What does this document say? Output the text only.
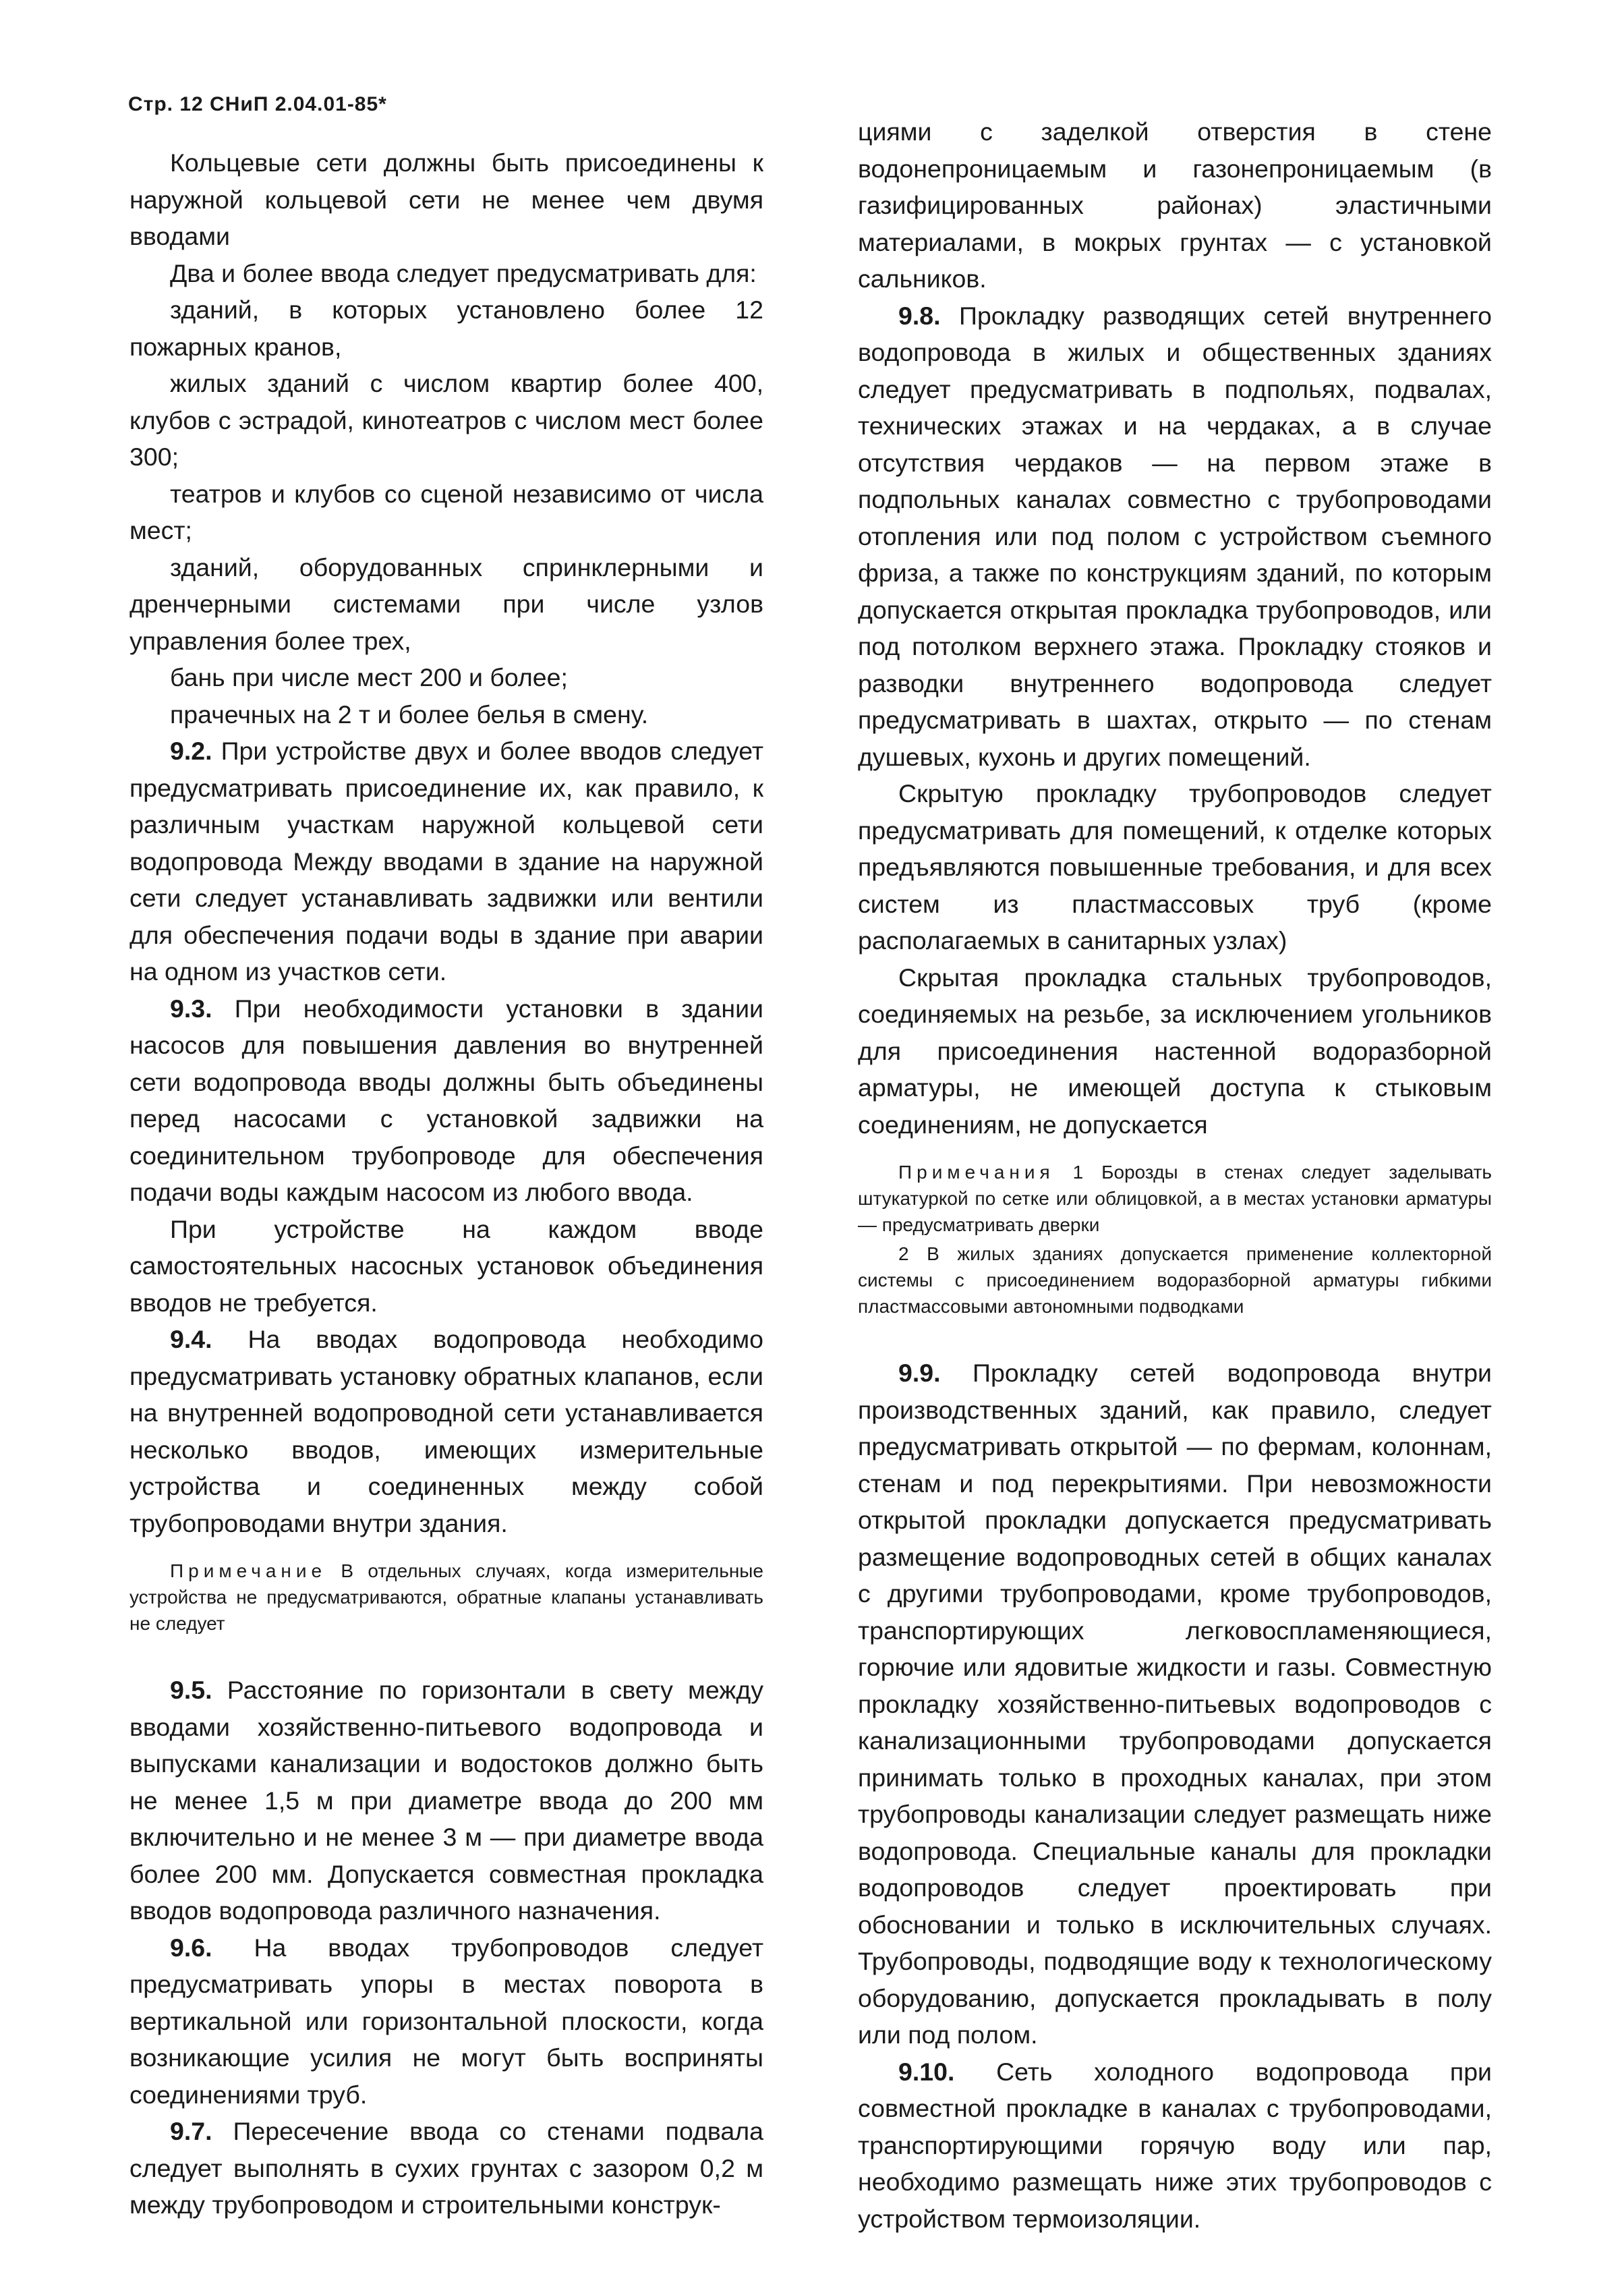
Стр. 12 СНиП 2.04.01-85*

Кольцевые сети должны быть присоединены к наружной кольцевой сети не менее чем двумя вводами

Два и более ввода следует предусматривать для:

зданий, в которых установлено более 12 пожарных кранов,

жилых зданий с числом квартир более 400, клубов с эстрадой, кинотеатров с числом мест более 300;

театров и клубов со сценой независимо от числа мест;

зданий, оборудованных спринклерными и дренчерными системами при числе узлов управления более трех,

бань при числе мест 200 и более;

прачечных на 2 т и более белья в смену.

9.2. При устройстве двух и более вводов следует предусматривать присоединение их, как правило, к различным участкам наружной кольцевой сети водопровода Между вводами в здание на наружной сети следует устанавливать задвижки или вентили для обеспечения подачи воды в здание при аварии на одном из участков сети.

9.3. При необходимости установки в здании насосов для повышения давления во внутренней сети водопровода вводы должны быть объединены перед насосами с установкой задвижки на соединительном трубопроводе для обеспечения подачи воды каждым насосом из любого ввода.

При устройстве на каждом вводе самостоятельных насосных установок объединения вводов не требуется.

9.4. На вводах водопровода необходимо предусматривать установку обратных клапанов, если на внутренней водопроводной сети устанавливается несколько вводов, имеющих измерительные устройства и соединенных между собой трубопроводами внутри здания.

Примечание В отдельных случаях, когда измерительные устройства не предусматриваются, обратные клапаны устанавливать не следует

9.5. Расстояние по горизонтали в свету между вводами хозяйственно-питьевого водопровода и выпусками канализации и водостоков должно быть не менее 1,5 м при диаметре ввода до 200 мм включительно и не менее 3 м — при диаметре ввода более 200 мм. Допускается совместная прокладка вводов водопровода различного назначения.

9.6. На вводах трубопроводов следует предусматривать упоры в местах поворота в вертикальной или горизонтальной плоскости, когда возникающие усилия не могут быть восприняты соединениями труб.

9.7. Пересечение ввода со стенами подвала следует выполнять в сухих грунтах с зазором 0,2 м между трубопроводом и строительными конструк-

циями с заделкой отверстия в стене водонепроницаемым и газонепроницаемым (в газифицированных районах) эластичными материалами, в мокрых грунтах — с установкой сальников.

9.8. Прокладку разводящих сетей внутреннего водопровода в жилых и общественных зданиях следует предусматривать в подпольях, подвалах, технических этажах и на чердаках, а в случае отсутствия чердаков — на первом этаже в подпольных каналах совместно с трубопроводами отопления или под полом с устройством съемного фриза, а также по конструкциям зданий, по которым допускается открытая прокладка трубопроводов, или под потолком верхнего этажа. Прокладку стояков и разводки внутреннего водопровода следует предусматривать в шахтах, открыто — по стенам душевых, кухонь и других помещений.

Скрытую прокладку трубопроводов следует предусматривать для помещений, к отделке которых предъявляются повышенные требования, и для всех систем из пластмассовых труб (кроме располагаемых в санитарных узлах)

Скрытая прокладка стальных трубопроводов, соединяемых на резьбе, за исключением угольников для присоединения настенной водоразборной арматуры, не имеющей доступа к стыковым соединениям, не допускается

Примечания 1 Борозды в стенах следует заделывать штукатуркой по сетке или облицовкой, а в местах установки арматуры — предусматривать дверки

2 В жилых зданиях допускается применение коллекторной системы с присоединением водоразборной арматуры гибкими пластмассовыми автономными подводками

9.9. Прокладку сетей водопровода внутри производственных зданий, как правило, следует предусматривать открытой — по фермам, колоннам, стенам и под перекрытиями. При невозможности открытой прокладки допускается предусматривать размещение водопроводных сетей в общих каналах с другими трубопроводами, кроме трубопроводов, транспортирующих легковоспламеняющиеся, горючие или ядовитые жидкости и газы. Совместную прокладку хозяйственно-питьевых водопроводов с канализационными трубопроводами допускается принимать только в проходных каналах, при этом трубопроводы канализации следует размещать ниже водопровода. Специальные каналы для прокладки водопроводов следует проектировать при обосновании и только в исключительных случаях. Трубопроводы, подводящие воду к технологическому оборудованию, допускается прокладывать в полу или под полом.

9.10. Сеть холодного водопровода при совместной прокладке в каналах с трубопроводами, транспортирующими горячую воду или пар, необходимо размещать ниже этих трубопроводов с устройством термоизоляции.
